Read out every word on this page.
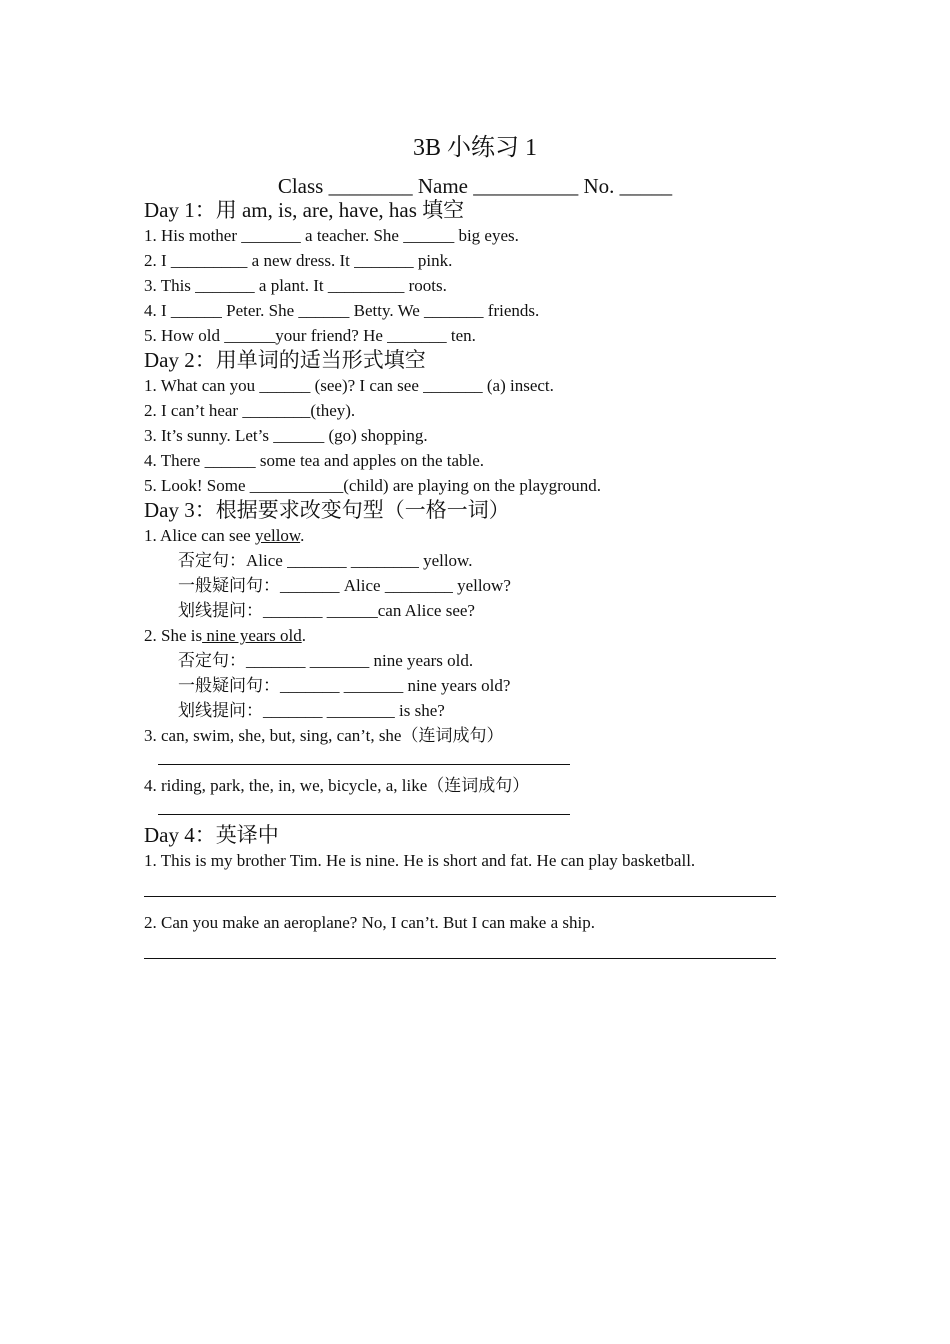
3B 小练习 1
Class ________ Name __________ No. _____
Day 1：用 am, is, are, have, has 填空
1. His mother _______ a teacher. She ______ big eyes.
2. I _________ a new dress. It _______ pink.
3. This _______ a plant. It _________ roots.
4. I ______ Peter. She ______ Betty. We _______ friends.
5. How old ______your friend? He _______ ten.
Day 2：用单词的适当形式填空
1. What can you ______ (see)? I can see _______ (a) insect.
2. I can’t hear ________(they).
3. It’s sunny. Let’s ______ (go) shopping.
4. There ______ some tea and apples on the table.
5. Look! Some ___________(child) are playing on the playground.
Day 3：根据要求改变句型（一格一词）
1. Alice can see yellow.
否定句：Alice _______ ________ yellow.
一般疑问句：_______ Alice ________ yellow?
划线提问：_______ ______can Alice see?
2. She is nine years old.
否定句：_______ _______ nine years old.
一般疑问句：_______ _______ nine years old?
划线提问：_______ ________ is she?
3. can, swim, she, but, sing, can’t, she（连词成句）
4. riding, park, the, in, we, bicycle, a, like（连词成句）
Day 4：英译中
1. This is my brother Tim. He is nine. He is short and fat. He can play basketball.
2. Can you make an aeroplane? No, I can’t. But I can make a ship.
